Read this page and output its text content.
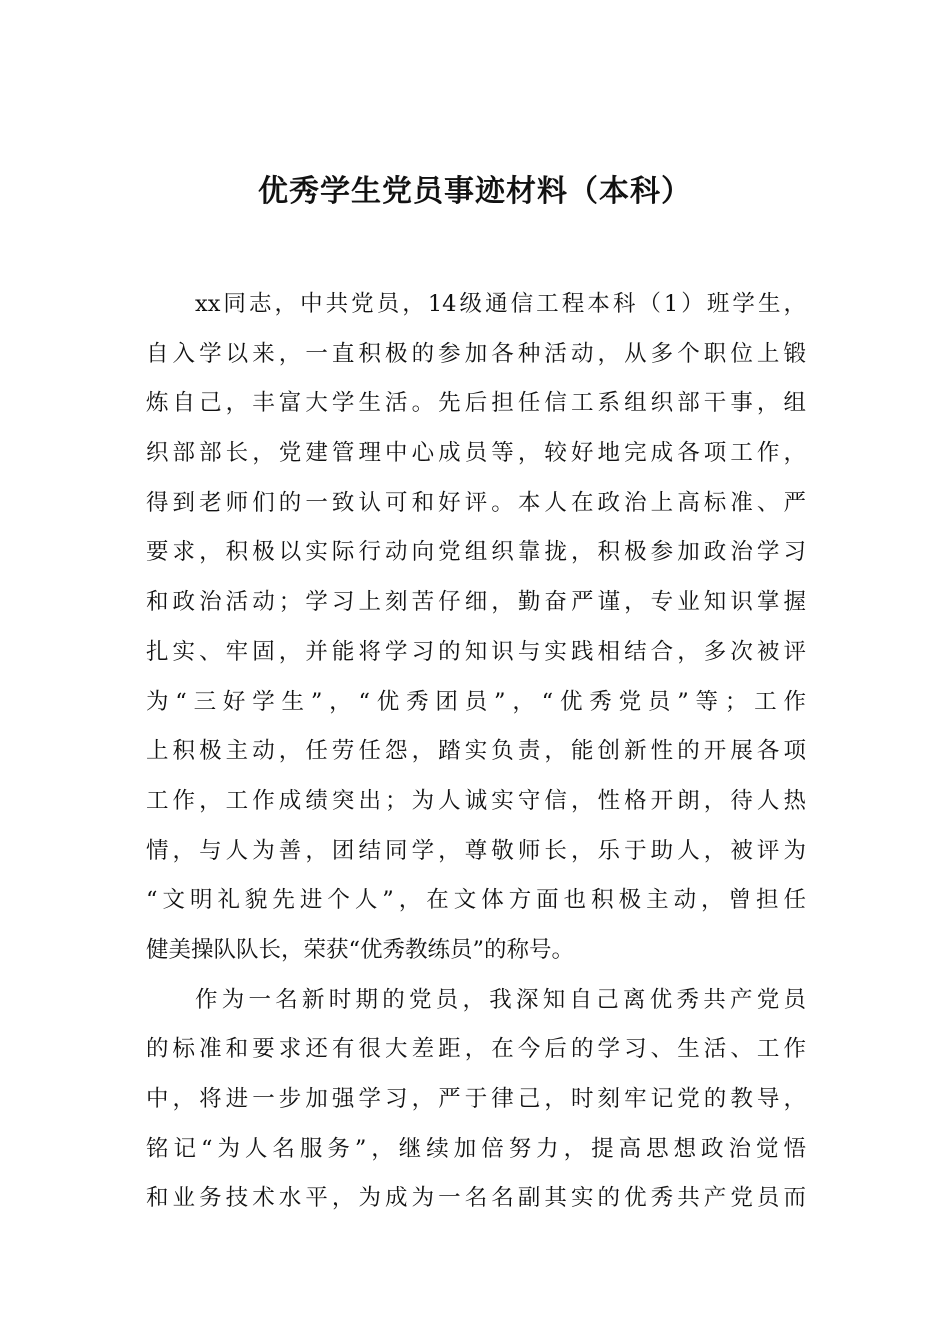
优秀学生党员事迹材料（本科）
xx同志，中共党员，14级通信工程本科（1）班学生，
自入学以来，一直积极的参加各种活动，从多个职位上锻
炼自己，丰富大学生活。先后担任信工系组织部干事，组
织部部长，党建管理中心成员等，较好地完成各项工作，
得到老师们的一致认可和好评。本人在政治上高标准、严
要求，积极以实际行动向党组织靠拢，积极参加政治学习
和政治活动；学习上刻苦仔细，勤奋严谨，专业知识掌握
扎实、牢固，并能将学习的知识与实践相结合，多次被评
为“三好学生”，“优秀团员”，“优秀党员”等；工作
上积极主动，任劳任怨，踏实负责，能创新性的开展各项
工作，工作成绩突出；为人诚实守信，性格开朗，待人热
情，与人为善，团结同学，尊敬师长，乐于助人，被评为
“文明礼貌先进个人”，在文体方面也积极主动，曾担任
健美操队队长，荣获“优秀教练员”的称号。
作为一名新时期的党员，我深知自己离优秀共产党员
的标准和要求还有很大差距，在今后的学习、生活、工作
中，将进一步加强学习，严于律己，时刻牢记党的教导，
铭记“为人名服务”，继续加倍努力，提高思想政治觉悟
和业务技术水平，为成为一名名副其实的优秀共产党员而
